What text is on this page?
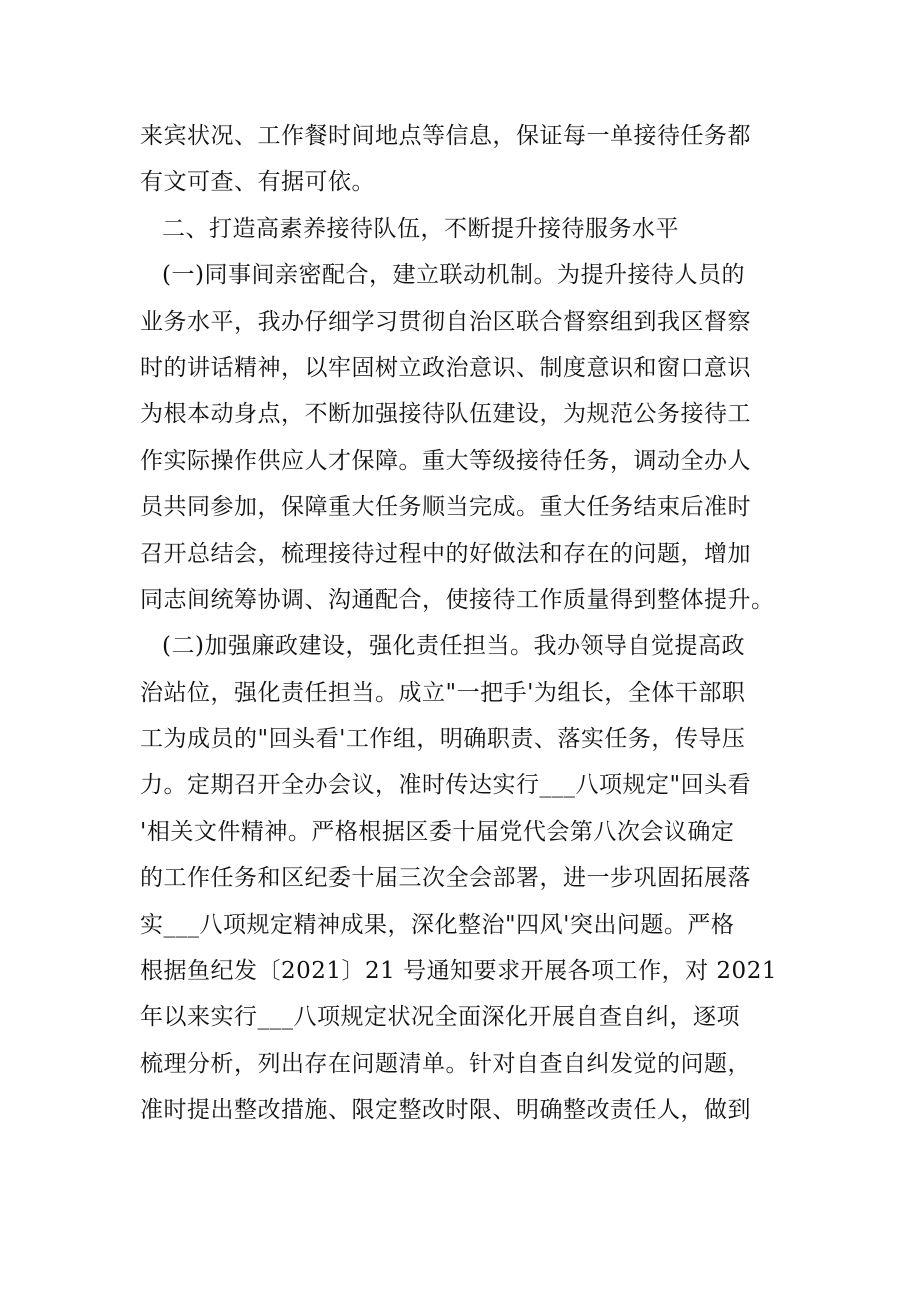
来宾状况、工作餐时间地点等信息，保证每一单接待任务都
有文可查、有据可依。
二、打造高素养接待队伍，不断提升接待服务水平
(一)同事间亲密配合，建立联动机制。为提升接待人员的
业务水平，我办仔细学习贯彻自治区联合督察组到我区督察
时的讲话精神，以牢固树立政治意识、制度意识和窗口意识
为根本动身点，不断加强接待队伍建设，为规范公务接待工
作实际操作供应人才保障。重大等级接待任务，调动全办人
员共同参加，保障重大任务顺当完成。重大任务结束后准时
召开总结会，梳理接待过程中的好做法和存在的问题，增加
同志间统筹协调、沟通配合，使接待工作质量得到整体提升。
(二)加强廉政建设，强化责任担当。我办领导自觉提高政
治站位，强化责任担当。成立"一把手'为组长，全体干部职
工为成员的"回头看'工作组，明确职责、落实任务，传导压
力。定期召开全办会议，准时传达实行___八项规定"回头看
'相关文件精神。严格根据区委十届党代会第八次会议确定
的工作任务和区纪委十届三次全会部署，进一步巩固拓展落
实___八项规定精神成果，深化整治"四风'突出问题。严格
根据鱼纪发〔2021〕21 号通知要求开展各项工作，对 2021
年以来实行___八项规定状况全面深化开展自查自纠，逐项
梳理分析，列出存在问题清单。针对自查自纠发觉的问题，
准时提出整改措施、限定整改时限、明确整改责任人，做到
